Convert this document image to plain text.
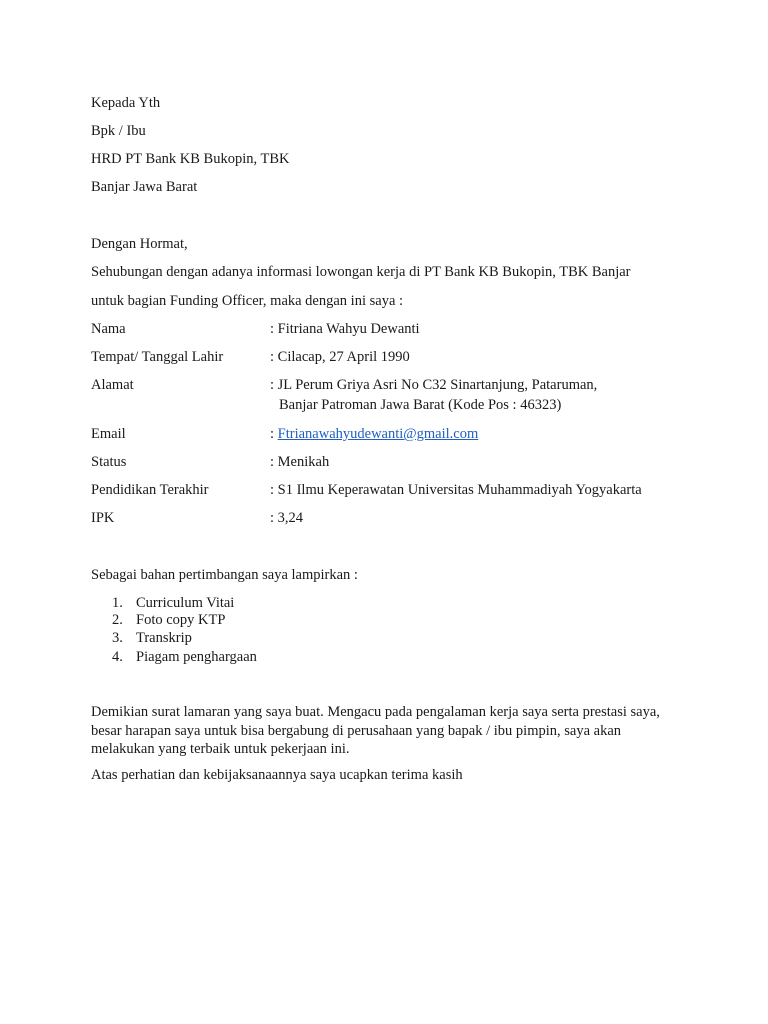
Kepada Yth
Bpk / Ibu
HRD PT Bank KB Bukopin, TBK
Banjar Jawa Barat
Dengan Hormat,
Sehubungan dengan adanya informasi lowongan kerja di PT Bank KB Bukopin, TBK Banjar
untuk bagian Funding Officer, maka dengan ini saya :
Nama	: Fitriana Wahyu Dewanti
Tempat/ Tanggal Lahir	: Cilacap, 27 April 1990
Alamat	: JL Perum Griya Asri No C32 Sinartanjung, Pataruman,
Banjar Patroman Jawa Barat (Kode Pos : 46323)
Email	: Ftrianawahyudewanti@gmail.com
Status	: Menikah
Pendidikan Terakhir	: S1 Ilmu Keperawatan Universitas Muhammadiyah Yogyakarta
IPK	: 3,24
Sebagai bahan pertimbangan saya lampirkan :
1. Curriculum Vitai
2. Foto copy KTP
3. Transkrip
4. Piagam penghargaan
Demikian surat lamaran yang saya buat. Mengacu pada pengalaman kerja saya serta prestasi saya, besar harapan saya untuk bisa bergabung di perusahaan yang bapak / ibu pimpin, saya akan melakukan yang terbaik untuk pekerjaan ini.
Atas perhatian dan kebijaksanaannya saya ucapkan terima kasih
